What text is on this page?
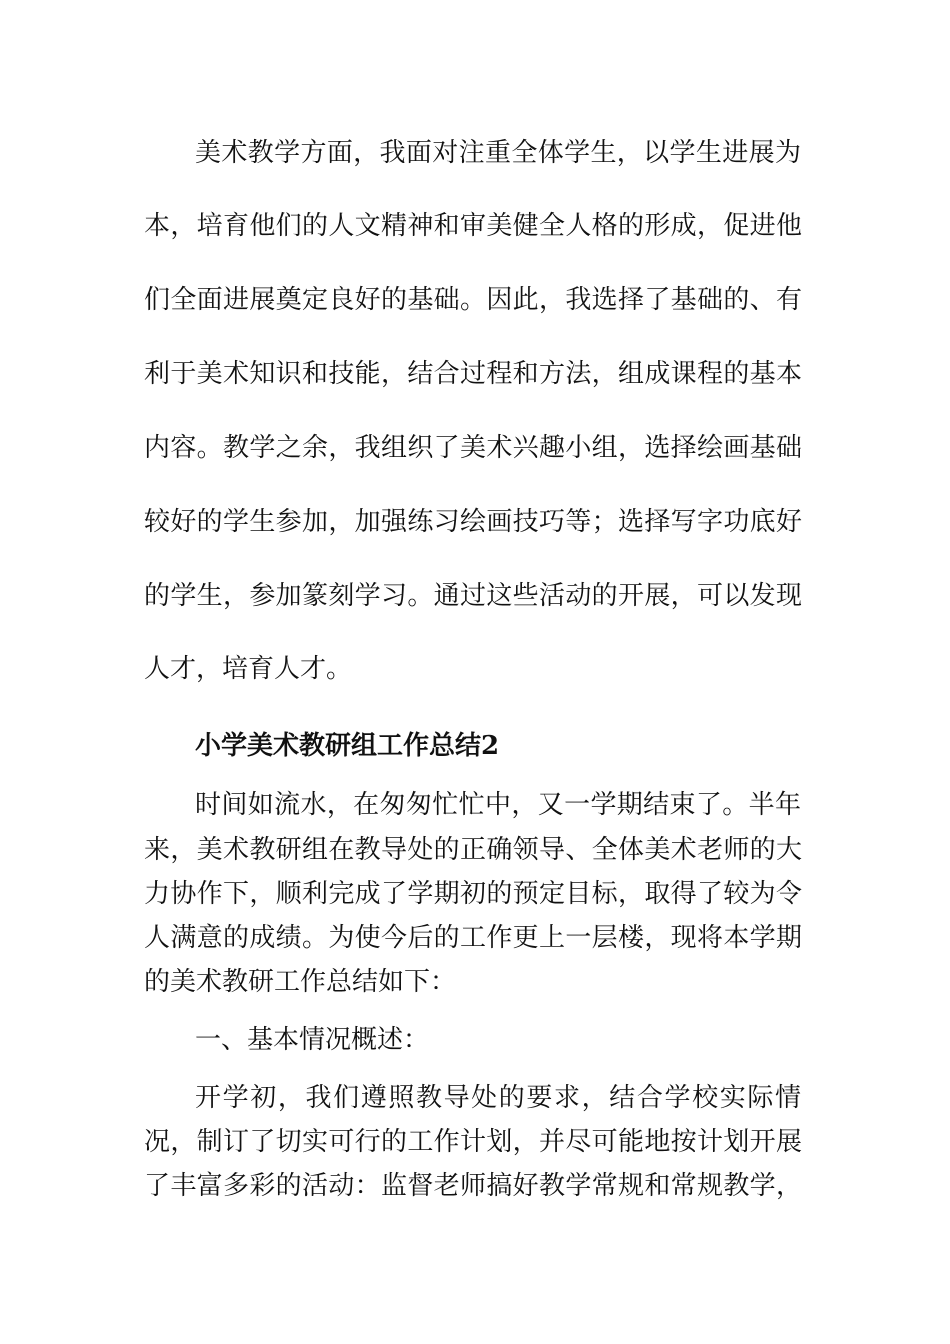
美术教学方面，我面对注重全体学生，以学生进展为

本，培育他们的人文精神和审美健全人格的形成，促进他

们全面进展奠定良好的基础。因此，我选择了基础的、有

利于美术知识和技能，结合过程和方法，组成课程的基本

内容。教学之余，我组织了美术兴趣小组，选择绘画基础

较好的学生参加，加强练习绘画技巧等；选择写字功底好

的学生，参加篆刻学习。通过这些活动的开展，可以发现

人才，培育人才。

小学美术教研组工作总结2

时间如流水，在匆匆忙忙中，又一学期结束了。半年

来，美术教研组在教导处的正确领导、全体美术老师的大

力协作下，顺利完成了学期初的预定目标，取得了较为令

人满意的成绩。为使今后的工作更上一层楼，现将本学期

的美术教研工作总结如下：

一、基本情况概述：

开学初，我们遵照教导处的要求，结合学校实际情

况，制订了切实可行的工作计划，并尽可能地按计划开展

了丰富多彩的活动：监督老师搞好教学常规和常规教学，
